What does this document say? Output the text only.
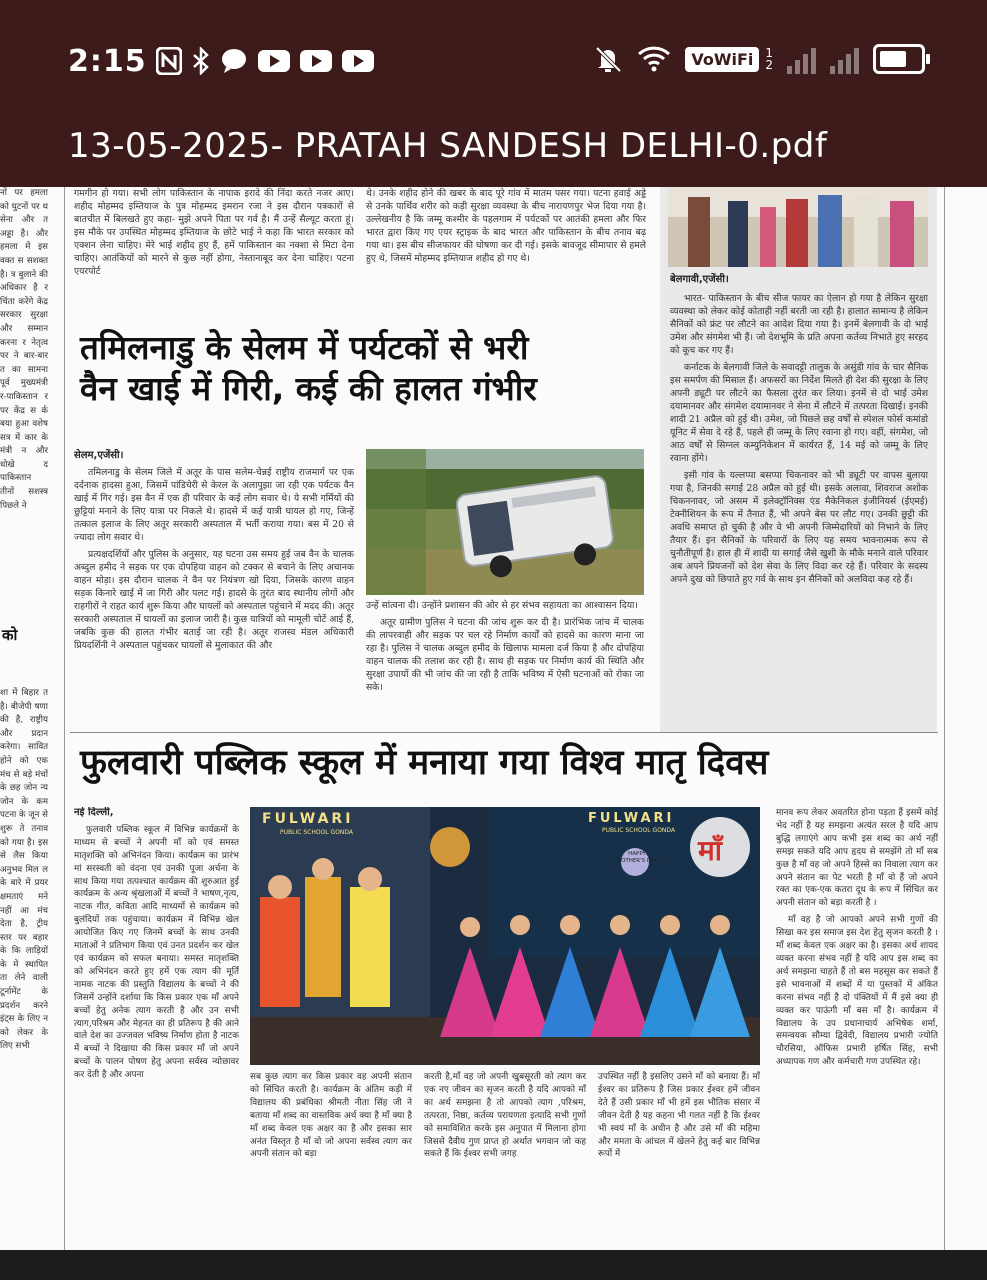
2:15	VoWiFi	1
2
13-05-2025- PRATAH SANDESH DELHI-0.pdf

नों पर हमला को घुटनों पर थ सेना और त अड्डा है। और हमला में इस वक्त स सशक्त है। त्र बुलाने की अधिकार है र चिंता करेंगे केंद्र सरकार सुरक्षा और सम्मान करना र नेतृत्व पर ने बार-बार त का सामना पूर्व मुख्यमंत्री र-पाकिस्तान र पर केंद्र स र्क बया हुआ वशेष सत्र में कार के मंत्री न और धोखे द पाकिस्तान तीनों सशस्त्र पिछले ने

को

शा में बिहार त है। बीजेपी षणा की है, राष्ट्रीय और प्रदान करेगा। सावित होने को एक मंच से बड़े मंचों के छह जोन न्य जोन के कम पटना के जून से शुरू ते तनाव को गया है। इस से लैस किया अनुभव मिल ल के बारे में प्रयर क्षमताएं मने नहीं आ मंच देता है, ट्रीय स्तर पर बहार के कि लाड़ियों के में स्थापित ता लेने वाली टूर्नामेंट के प्रदर्शन करने इंट्स के लिए न को लेकर के लिए सभी

गमगीन हो गया। सभी लोग पाकिस्तान के नापाक इरादे की निंदा करते नजर आए। शहीद मोहम्मद इम्तियाज के पुत्र मोहम्मद इमरान रजा ने इस दौरान पत्रकारों से बातचीत में बिलखते हुए कहा- मुझे अपने पिता पर गर्व है। मैं उन्हें सैल्यूट करता हूं। इस मौके पर उपस्थित मोहम्मद इम्तियाज के छोटे भाई ने कहा कि भारत सरकार को एक्शन लेना चाहिए। मेरे भाई शहीद हुए हैं, हमें पाकिस्तान का नक्शा से मिटा देना चाहिए। आतंकियों को मारने से कुछ नहीं होगा, नेस्तानाबूद कर देना चाहिए। पटना एयरपोर्ट

थे। उनके शहीद होने की खबर के बाद पूरे गांव में मातम पसर गया। पटना हवाई अड्डे से उनके पार्थिव शरीर को कड़ी सुरक्षा व्यवस्था के बीच नारायणपुर भेज दिया गया है। उल्लेखनीय है कि जम्मू कश्मीर के पहलगाम में पर्यटकों पर आतंकी हमला और फिर भारत द्वारा किए गए एयर स्ट्राइक के बाद भारत और पाकिस्तान के बीच तनाव बढ़ गया था। इस बीच सीजफायर की घोषणा कर दी गई। इसके बावजूद सीमापार से हमले हुए थे, जिसमें मोहम्मद इम्तियाज शहीद हो गए थे।

बेलगावी,एजेंसी।

भारत- पाकिस्तान के बीच सीज फायर का ऐलान हो गया है लेकिन सुरक्षा व्यवस्था को लेकर कोई कोताही नहीं बरती जा रही है। हालात सामान्य है लेकिन सैनिकों को फ्रंट पर लौटने का आदेश दिया गया है। इनमें बेलगावी के दो भाई उमेश और संगमेश भी हैं। जो देशभूमि के प्रति अपना कर्तव्य निभाते हुए सरहद को कूच कर गए हैं।

कर्नाटक के बेलगावी जिले के सवादट्टी तालुक के असुंडी गांव के चार सैनिक इस समर्पण की मिसाल हैं। अफसरों का निर्देश मिलते ही देश की सुरक्षा के लिए अपनी ड्यूटी पर लौटने का फैसला तुरंत कर लिया। इनमें से दो भाई उमेश दयामानवर और संगमेश दयामानवर ने सेना में लौटने में तत्परता दिखाई। इनकी शादी 21 अप्रैल को हुई थी। उमेश, जो पिछले छह वर्षों से स्पेशल फोर्स कमांडो यूनिट में सेवा दे रहे हैं, पहले ही जम्मू के लिए रवाना हो गए। वहीं, संगमेश, जो आठ वर्षों से सिग्नल कम्युनिकेशन में कार्यरत हैं, 14 मई को जम्मू के लिए रवाना होंगे।

इसी गांव के यल्लप्पा बसप्पा चिकनावर को भी ड्यूटी पर वापस बुलाया गया है, जिनकी सगाई 28 अप्रैल को हुई थी। इसके अलावा, शिवराज अशोक चिकननावर, जो असम में इलेक्ट्रॉनिक्स एंड मैकेनिकल इंजीनियर्स (ईएमई) टेक्नीशियन के रूप में तैनात हैं, भी अपने बेस पर लौट गए। उनकी छुट्टी की अवधि समाप्त हो चुकी है और वे भी अपनी जिम्मेदारियों को निभाने के लिए तैयार हैं। इन सैनिकों के परिवारों के लिए यह समय भावनात्मक रूप से चुनौतीपूर्ण है। हाल ही में शादी या सगाई जैसे खुशी के मौके मनाने वाले परिवार अब अपने प्रियजनों को देश सेवा के लिए विदा कर रहे हैं। परिवार के सदस्य अपने दुख को छिपाते हुए गर्व के साथ इन सैनिकों को अलविदा कह रहे हैं।

तमिलनाडु के सेलम में पर्यटकों से भरी
वैन खाई में गिरी, कई की हालत गंभीर

सेलम,एजेंसी।

तमिलनाडु के सेलम जिले में अतूर के पास सलेम-चेन्नई राष्ट्रीय राजमार्ग पर एक दर्दनाक हादसा हुआ, जिसमें पांडिचेरी से केरल के अलापुझा जा रही एक पर्यटक वैन खाई में गिर गई। इस वैन में एक ही परिवार के कई लोग सवार थे। ये सभी गर्मियों की छुट्टियां मनाने के लिए यात्रा पर निकले थे। हादसे में कई यात्री घायल हो गए, जिन्हें तत्काल इलाज के लिए अतूर सरकारी अस्पताल में भर्ती कराया गया। बस में 20 से ज्यादा लोग सवार थे।

प्रत्यक्षदर्शियों और पुलिस के अनुसार, यह घटना उस समय हुई जब वैन के चालक अब्दुल हमीद ने सड़क पर एक दोपहिया वाहन को टक्कर से बचाने के लिए अचानक वाहन मोड़ा। इस दौरान चालक ने वैन पर नियंत्रण खो दिया, जिसके कारण वाहन सड़क किनारे खाई में जा गिरी और पलट गई। हादसे के तुरंत बाद स्थानीय लोगों और राहगीरों ने राहत कार्य शुरू किया और घायलों को अस्पताल पहुंचाने में मदद की। अतूर सरकारी अस्पताल में घायलों का इलाज जारी है। कुछ यात्रियों को मामूली चोटें आई हैं, जबकि कुछ की हालत गंभीर बताई जा रही है। अतूर राजस्व मंडल अधिकारी प्रियदर्शिनी ने अस्पताल पहुंचकर घायलों से मुलाकात की और

उन्हें सांत्वना दी। उन्होंने प्रशासन की ओर से हर संभव सहायता का आश्वासन दिया।

अतूर ग्रामीण पुलिस ने घटना की जांच शुरू कर दी है। प्रारंभिक जांच में चालक की लापरवाही और सड़क पर चल रहे निर्माण कार्यों को हादसे का कारण माना जा रहा है। पुलिस ने चालक अब्दुल हमीद के खिलाफ मामला दर्ज किया है और दोपहिया वाहन चालक की तलाश कर रही है। साथ ही सड़क पर निर्माण कार्य की स्थिति और सुरक्षा उपायों की भी जांच की जा रही है ताकि भविष्य में ऐसी घटनाओं को रोका जा सके।

फुलवारी पब्लिक स्कूल में मनाया गया विश्व मातृ दिवस

नई दिल्ली,

फुलवारी पब्लिक स्कूल में विभिन्न कार्यक्रमों के माध्यम से बच्चों ने अपनी माँ को एवं समस्त मातृशक्ति को अभिनंदन किया। कार्यक्रम का प्रारंभ मां सरस्वती को वंदना एवं उनकी पूजा अर्चना के साथ किया गया तत्पश्चात कार्यक्रम की शुरुआत हुई कार्यक्रम के अन्य श्रृंखलाओं में बच्चों ने भाषण,नृत्य, नाटक गीत, कविता आदि माध्यमों से कार्यक्रम को बुलंदियों तक पहुंचाया। कार्यक्रम में विभिन्न खेल आयोजित किए गए जिनमें बच्चों के साथ उनकी माताओं ने प्रतिभाग किया एवं उनत प्रदर्शन कर खेल एवं कार्यक्रम को सफल बनाया। समस्त मातृशक्ति को अभिनंदन करते हुए हमें एक त्याग की मूर्ति नामक नाटक की प्रस्तुति विद्यालय के बच्चों ने की जिसमें उन्होंने दर्शाया कि किस प्रकार एक माँ अपने बच्चों हेतु अनेक त्याग करती है और उन सभी त्याग,परिश्रम और मेहनत का ही प्रतिरूप है की आने वाले देश का उज्जवल भविष्य निर्माण होता है नाटक में बच्चों ने दिखाया की किस प्रकार माँ जो अपने बच्चों के पालन पोषण हेतु अपना सर्वस्व न्योछावर कर देती है और अपना

FULWARI
PUBLIC SCHOOL GONDA
FULWARI
PUBLIC SCHOOL GONDA
माँ
HAPPY MOTHER'S DAY

सब कुछ त्याग कर किस प्रकार वह अपनी संतान को सिंचित करती है। कार्यक्रम के अंतिम कड़ी में विद्यालय की प्रबंधिका श्रीमती नीता सिंह जी ने बताया माँ शब्द का वास्तविक अर्थ क्या है माँ क्या है माँ शब्द केवल एक अक्षर का है और इसका सार अनंत विस्तृत है माँ वो जो अपना सर्वस्व त्याग कर अपनी संतान को बड़ा

करती है,माँ वह जो अपनी खुबसूरती को त्याग कर एक नए जीवन का सृजन करती है यदि आपको माँ का अर्थ समझना है तो आपको त्याग ,परिश्रम, तत्परता, निष्ठा, कर्तव्य परायणता इत्यादि सभी गुणों को समाविशित करके इस अनुपात में मिलाना होगा जिससे दैवीय गुण प्राप्त हो अर्थात भगवान जो कह सकते हैं कि ईश्वर सभी जगह

उपस्थित नहीं है इसलिए उसने माँ को बनाया हैं। माँ ईश्वर का प्रतिरूप है जिस प्रकार ईश्वर हमें जीवन देते हैं उसी प्रकार माँ भी हमें इस भौतिक संसार में जीवन देती है यह कहना भी गलत नहीं है कि ईश्वर भी स्वयं माँ के अधीन है और उसे माँ की महिमा और ममता के आंचल में खेलने हेतु कई बार विभिन्न रूपों में

मानव रूप लेकर अवतरित होना पड़ता हैं इसमें कोई भेद नहीं है यह समझना अत्यंत सरल है यदि आप बुद्धि लगाएंगे आप कभी इस शब्द का अर्थ नहीं समझ सकते यदि आप हृदय से समझेंगे तो माँ सब कुछ है माँ वह जो अपने हिस्से का निवाला त्याग कर अपने संतान का पेट भरती है माँ वो हैं जो अपने रक्त का एक-एक कतरा दूध के रूप में सिंचित कर अपनी संतान को बड़ा करती है ।

माँ वह है जो आपको अपने सभी गुणों की सिखा कर इस समाज इस देश हेतु सृजन करती है । माँ शब्द केवल एक अक्षर का है। इसका अर्थ शायद व्यक्त करना संभव नहीं है यदि आप इस शब्द का अर्थ समझना चाहते हैं तो बस महसूस कर सकते हैं इसे भावनाओं में शब्दों में या पुस्तकों में अंकित करना संभव नहीं है दो पंक्तियों में मैं इसे क्या ही व्यक्त कर पाऊंगी माँ बस माँ है। कार्यक्रम में विद्यालय के उप प्रधानाचार्य अभिषेक शर्मा, समन्वयक सौम्या द्विवेदी, विद्यालय प्रभारी ज्योति चौरसिया, ऑफिस प्रभारी हर्षित सिंह, सभी अध्यापक गण और कर्मचारी गण उपस्थित रहे।
